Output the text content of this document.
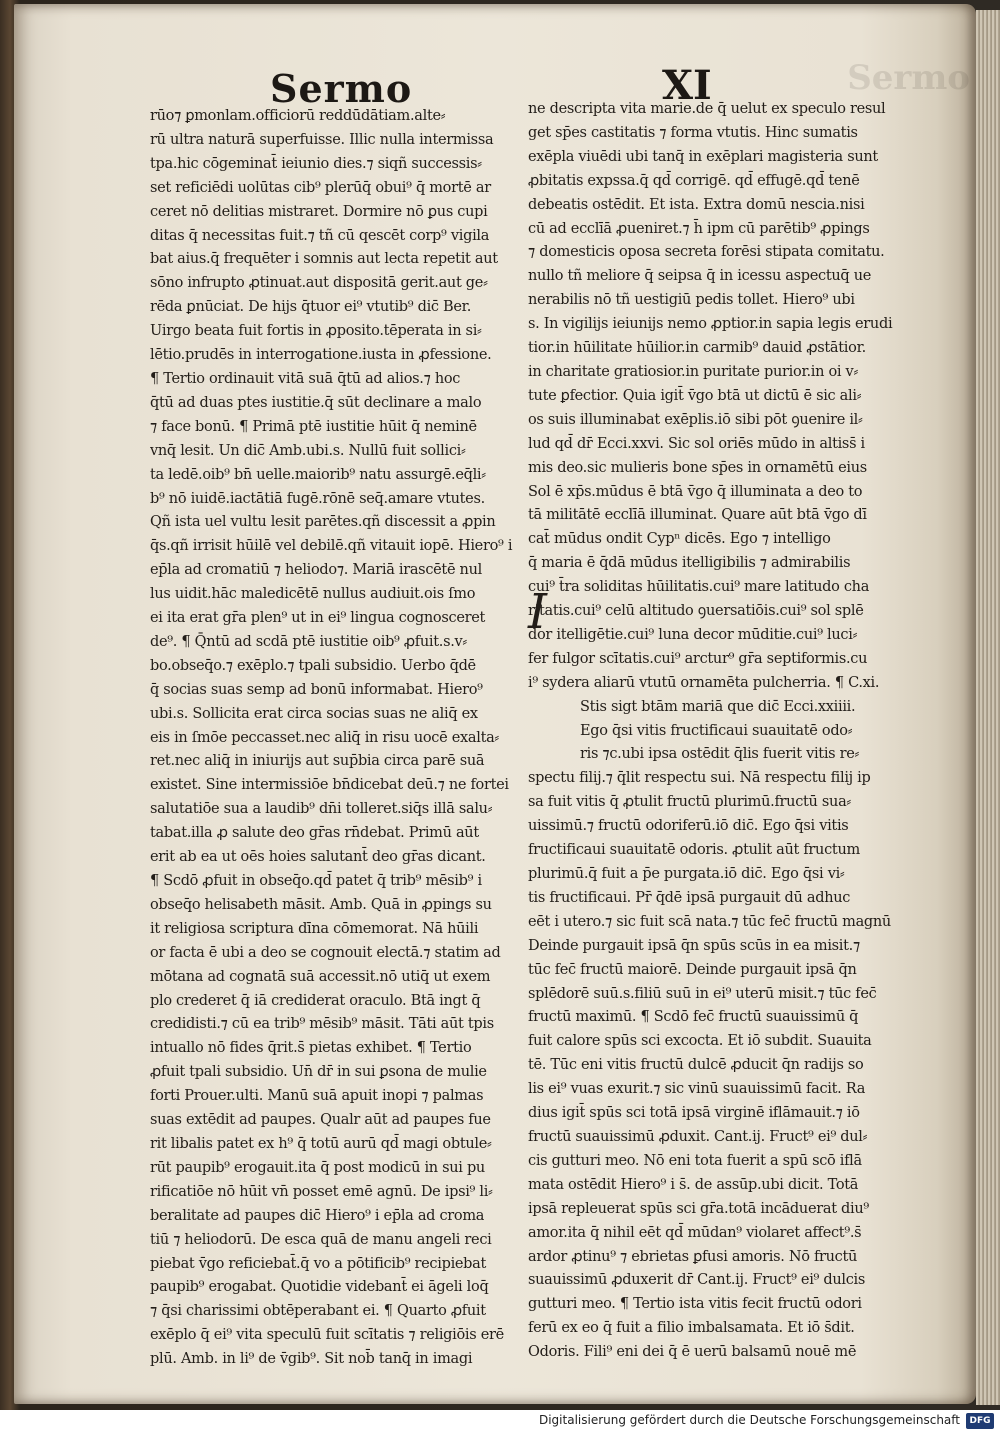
Sermo
Sermo	XI
rūo⁊ ꝑmonlam.officiorū reddūdātiam.alte⸗
rū ultra naturā superfuisse. Illic nulla intermissa
tpa.hic cōgeminat̄ ieiunio dies.⁊ siqñ successis⸗
set reficiēdi uolūtas cib⁹ plerūq̄ obui⁹ q̄ mortē ar
ceret nō delitias mistraret. Dormire nō ꝑus cupi
ditas q̄ necessitas fuit.⁊ tñ cū qescēt corp⁹ vigila
bat aius.q̄ frequēter i somnis aut lecta repetit aut
sōno infrupto ꝓtinuat.aut dispositā gerit.aut ge⸗
rēda ꝑnūciat. De hijs q̄tuor ei⁹ vtutib⁹ dic̄ Ber.
Uirgo beata fuit fortis in ꝓposito.tēperata in si⸗
lētio.prudēs in interrogatione.iusta in ꝓfessione.
¶ Tertio ordinauit vitā suā q̄tū ad alios.⁊ hoc
q̄tū ad duas ptes iustitie.q̄ sūt declinare a malo
⁊ face bonū. ¶ Primā ptē iustitie hūit q̄ neminē
vnq̄ lesit. Un dic̄ Amb.ubi.s. Nullū fuit sollici⸗
ta ledē.oib⁹ bn̄ uelle.maiorib⁹ natu assurgē.eq̄li⸗
b⁹ nō iuidē.iactātiā fugē.rōnē seq̄.amare vtutes.
Qñ ista uel vultu lesit parētes.qñ discessit a ꝓpin
q̄s.qñ irrisit hūilē vel debilē.qñ vitauit iopē. Hiero⁹ i
ep̄la ad cromatiū ⁊ heliodo⁊. Mariā irascētē nul
lus uidit.hāc maledicētē nullus audiuit.ois ſmo
ei ita erat gr̄a plen⁹ ut in ei⁹ lingua cognosceret
de⁹. ¶ Q̄ntū ad scdā ptē iustitie oib⁹ ꝓfuit.s.v⸗
bo.obseq̄o.⁊ exēplo.⁊ tpali subsidio. Uerbo q̄dē
q̄ socias suas semp ad bonū informabat. Hiero⁹
ubi.s. Sollicita erat circa socias suas ne aliq̄ ex
eis in ſmōe peccasset.nec aliq̄ in risu uocē exalta⸗
ret.nec aliq̄ in iniurijs aut sup̄bia circa parē suā
existet. Sine intermissiōe bn̄dicebat deū.⁊ ne fortei
salutatiōe sua a laudib⁹ dn̄i tolleret.siq̄s illā salu⸗
tabat.illa ꝓ salute deo gr̄as rn̄debat. Primū aūt
erit ab ea ut oēs hoies salutant̄ deo gr̄as dicant.
¶ Scdō ꝓfuit in obseq̄o.qd̄ patet q̄ trib⁹ mēsib⁹ i
obseq̄o helisabeth māsit. Amb. Quā in ꝓpings su
it religiosa scriptura dīna cōmemorat. Nā hūili
or facta ē ubi a deo se cognouit electā.⁊ statim ad
mōtana ad cognatā suā accessit.nō utiq̄ ut exem
plo crederet q̄ iā crediderat oraculo. Btā ingt q̄
credidisti.⁊ cū ea trib⁹ mēsib⁹ māsit. Tāti aūt tpis
intuallo nō fides q̄rit.s̄ pietas exhibet. ¶ Tertio
ꝓfuit tpali subsidio. Un̄ dr̄ in sui ꝑsona de mulie
forti Prouer.ulti. Manū suā apuit inopi ⁊ palmas
suas extēdit ad paupes. Qualr aūt ad paupes fue
rit libalis patet ex h⁹ q̄ totū aurū qd̄ magi obtule⸗
rūt paupib⁹ erogauit.ita q̄ post modicū in sui pu
rificatiōe nō hūit vn̄ posset emē agnū. De ipsi⁹ li⸗
beralitate ad paupes dic̄ Hiero⁹ i ep̄la ad croma
tiū ⁊ heliodorū. De esca quā de manu angeli reci
piebat v̄go reficiebat̄.q̄ vo a pōtificib⁹ recipiebat
paupib⁹ erogabat. Quotidie videbant̄ ei āgeli loq̄
⁊ q̄si charissimi obtēperabant ei. ¶ Quarto ꝓfuit
exēplo q̄ ei⁹ vita speculū fuit scītatis ⁊ religiōis erē
plū. Amb. in li⁹ de v̄gib⁹. Sit nob̄ tanq̄ in imagi
ne descripta vita marie.de q̄ uelut ex speculo resul
get sp̄es castitatis ⁊ forma vtutis. Hinc sumatis
exēpla viuēdi ubi tanq̄ in exēplari magisteria sunt
ꝓbitatis expssa.q̄ qd̄ corrigē. qd̄ effugē.qd̄ tenē
debeatis ostēdit. Et ista. Extra domū nescia.nisi
cū ad ecclīā ꝓueniret.⁊ h̄ ipm cū parētib⁹ ꝓpings
⁊ domesticis oposa secreta forēsi stipata comitatu.
nullo tñ meliore q̄ seipsa q̄ in icessu aspectuq̄ ue
nerabilis nō tñ uestigiū pedis tollet. Hiero⁹ ubi
s. In vigilijs ieiunijs nemo ꝓptior.in sapia legis erudi
tior.in hūilitate hūilior.in carmib⁹ dauid ꝓstātior.
in charitate gratiosior.in puritate purior.in oi v⸗
tute ꝑfectior. Quia igit̄ v̄go btā ut dictū ē sic ali⸗
os suis illuminabat exēplis.iō sibi pōt ꝯuenire il⸗
lud qd̄ dr̄ Ecci.xxvi. Sic sol oriēs mūdo in altiss̄ i
mis deo.sic mulieris bone sp̄es in ornamētū eius
Sol ē xp̄s.mūdus ē btā v̄go q̄ illuminata a deo to
tā militātē ecclīā illuminat. Quare aūt btā v̄go dī
cat̄ mūdus ondit Cypⁿ dicēs. Ego ⁊ intelligo
q̄ maria ē q̄dā mūdus itelligibilis ⁊ admirabilis
cui⁹ t̄ra soliditas hūilitatis.cui⁹ mare latitudo cha
ritatis.cui⁹ celū altitudo ꝯuersatiōis.cui⁹ sol splē
dor itelligētie.cui⁹ luna decor mūditie.cui⁹ luci⸗
fer fulgor scītatis.cui⁹ arctur⁹ gr̄a septiformis.cu
i⁹ sydera aliarū vtutū ornamēta pulcherria. ¶ C.xi.
Stis sigt btām mariā que dic̄ Ecci.xxiiii.
Ego q̄si vitis fructificaui suauitatē odo⸗
ris ⁊c.ubi ipsa ostēdit q̄lis fuerit vitis re⸗
spectu filij.⁊ q̄lit respectu sui. Nā respectu filij ip
sa fuit vitis q̄ ꝓtulit fructū plurimū.fructū sua⸗
uissimū.⁊ fructū odoriferū.iō dic̄. Ego q̄si vitis
fructificaui suauitatē odoris. ꝓtulit aūt fructum
plurimū.q̄ fuit a p̄e purgata.iō dic̄. Ego q̄si vi⸗
tis fructificaui. Pr̄ q̄dē ipsā purgauit dū adhuc
eēt i utero.⁊ sic fuit scā nata.⁊ tūc fec̄ fructū magnū
Deinde purgauit ipsā q̄n spūs scūs in ea misit.⁊
tūc fec̄ fructū maiorē. Deinde purgauit ipsā q̄n
splēdorē suū.s.filiū suū in ei⁹ uterū misit.⁊ tūc fec̄
fructū maximū. ¶ Scdō fec̄ fructū suauissimū q̄
fuit calore spūs sci excocta. Et iō subdit. Suauita
tē. Tūc eni vitis fructū dulcē ꝓducit q̄n radijs so
lis ei⁹ vuas exurit.⁊ sic vinū suauissimū facit. Ra
dius igit̄ spūs sci totā ipsā virginē iflāmauit.⁊ iō
fructū suauissimū ꝓduxit. Cant.ij. Fruct⁹ ei⁹ dul⸗
cis gutturi meo. Nō eni tota fuerit a spū scō iflā
mata ostēdit Hiero⁹ i s̄. de assūp.ubi dicit. Totā
ipsā repleuerat spūs sci gr̄a.totā incāduerat diu⁹
amor.ita q̄ nihil eēt qd̄ mūdan⁹ violaret affect⁹.s̄
ardor ꝓtinu⁹ ⁊ ebrietas ꝑfusi amoris. Nō fructū
suauissimū ꝓduxerit dr̄ Cant.ij. Fruct⁹ ei⁹ dulcis
gutturi meo. ¶ Tertio ista vitis fecit fructū odori
ferū ex eo q̄ fuit a filio imbalsamata. Et iō s̄dit.
Odoris. Fili⁹ eni dei q̄ ē uerū balsamū nouē mē
Digitalisierung gefördert durch die Deutsche Forschungsgemeinschaft	DFG
I
